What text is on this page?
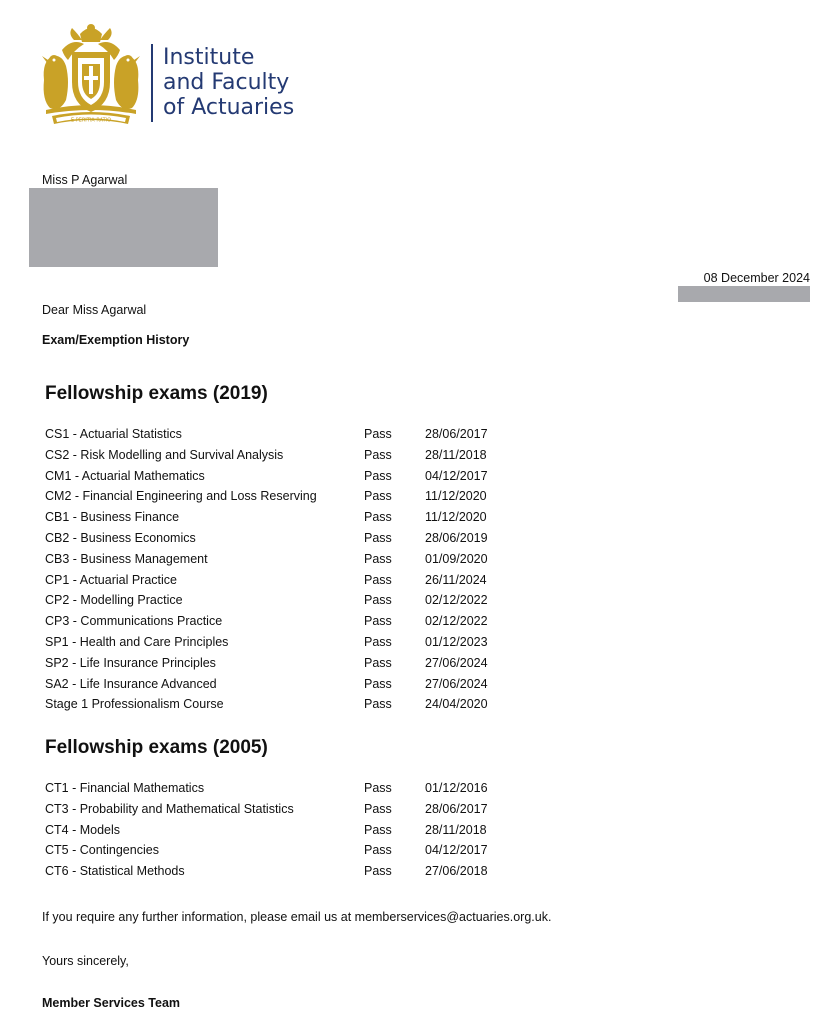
E PERITIA RATIO
Institute
and Faculty
of Actuaries
Miss P Agarwal
08 December 2024
Dear Miss Agarwal
Exam/Exemption History
Fellowship exams (2019)
CS1 - Actuarial Statistics	Pass	28/06/2017
CS2 - Risk Modelling and Survival Analysis	Pass	28/11/2018
CM1 - Actuarial Mathematics	Pass	04/12/2017
CM2 - Financial Engineering and Loss Reserving	Pass	11/12/2020
CB1 - Business Finance	Pass	11/12/2020
CB2 - Business Economics	Pass	28/06/2019
CB3 - Business Management	Pass	01/09/2020
CP1 - Actuarial Practice	Pass	26/11/2024
CP2 - Modelling Practice	Pass	02/12/2022
CP3 - Communications Practice	Pass	02/12/2022
SP1 - Health and Care Principles	Pass	01/12/2023
SP2 - Life Insurance Principles	Pass	27/06/2024
SA2 - Life Insurance Advanced	Pass	27/06/2024
Stage 1 Professionalism Course	Pass	24/04/2020
Fellowship exams (2005)
CT1 - Financial Mathematics	Pass	01/12/2016
CT3 - Probability and Mathematical Statistics	Pass	28/06/2017
CT4 - Models	Pass	28/11/2018
CT5 - Contingencies	Pass	04/12/2017
CT6 - Statistical Methods	Pass	27/06/2018
If you require any further information, please email us at memberservices@actuaries.org.uk.
Yours sincerely,
Member Services Team
